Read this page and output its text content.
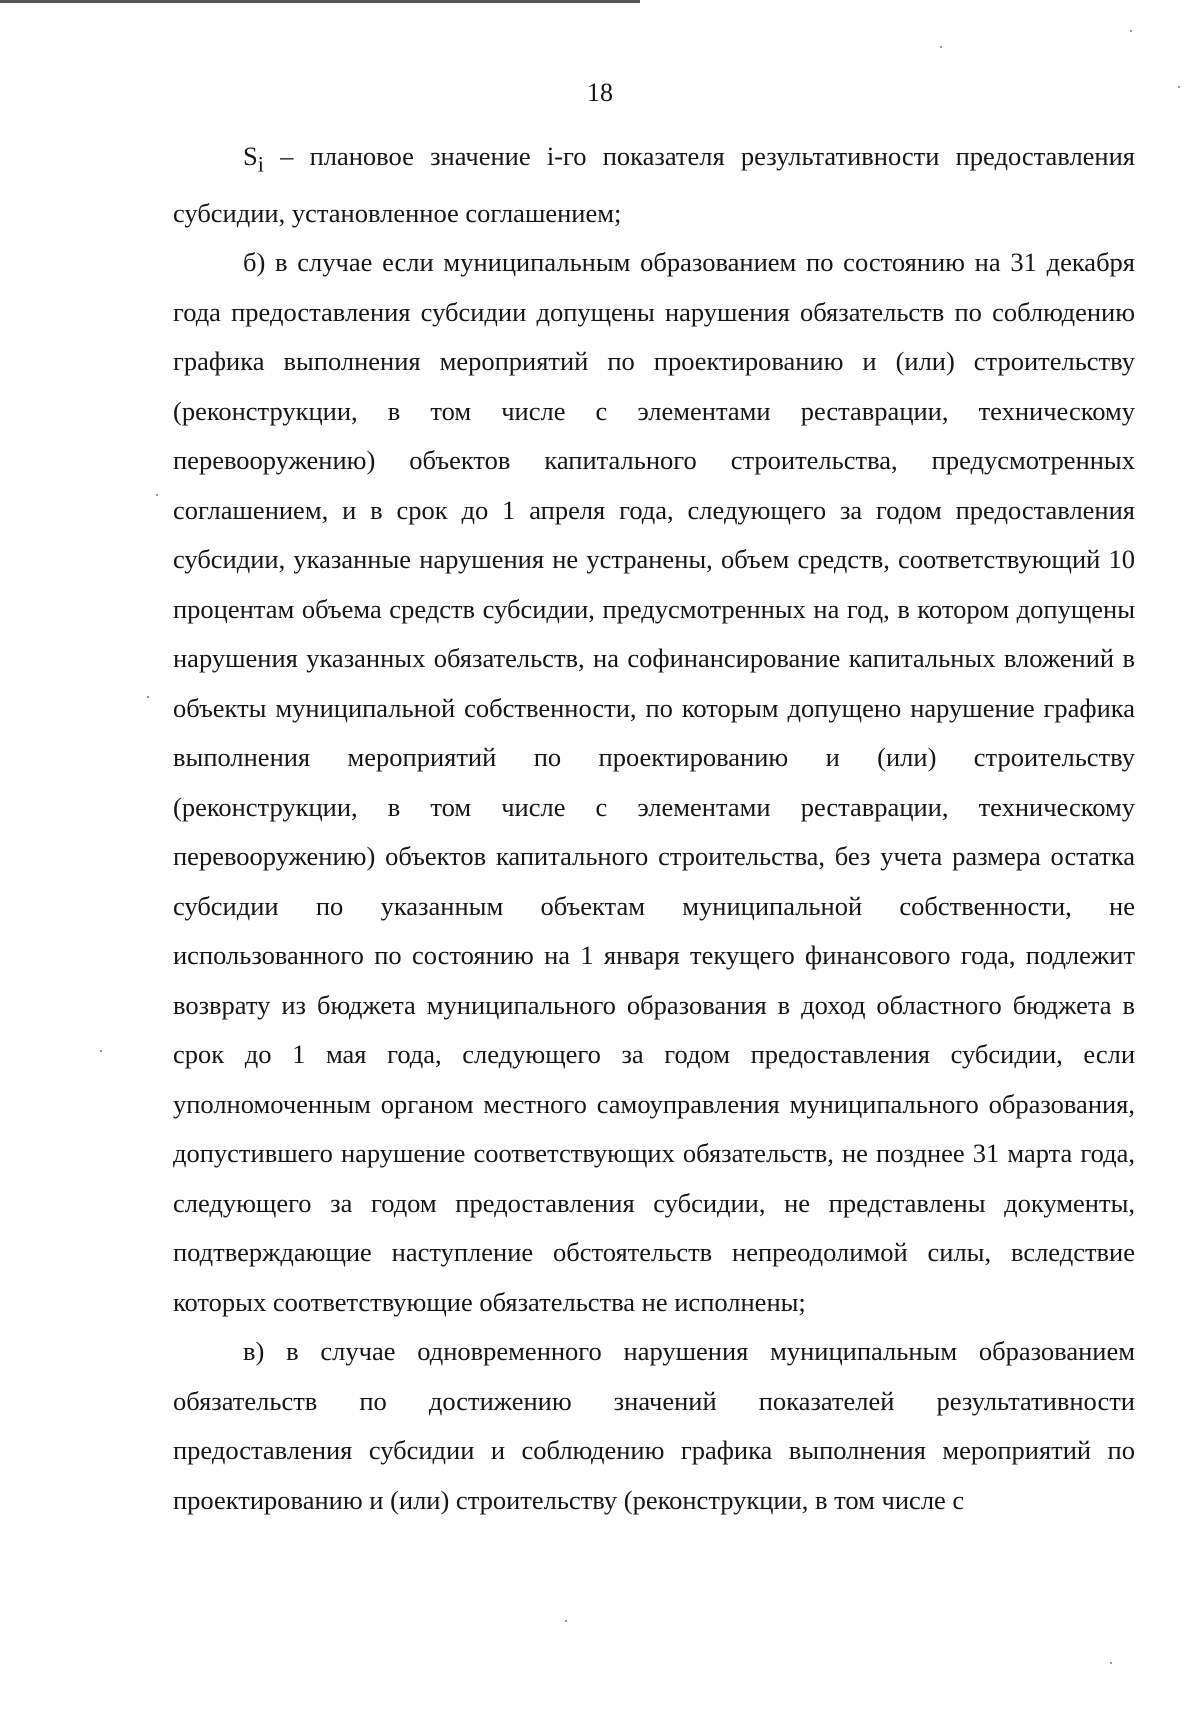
18

$S_i$ – плановое значение i-го показателя результативности предоставления субсидии, установленное соглашением;

б) в случае если муниципальным образованием по состоянию на 31 декабря года предоставления субсидии допущены нарушения обязательств по соблюдению графика выполнения мероприятий по проектированию и (или) строительству (реконструкции, в том числе с элементами реставрации, техническому перевооружению) объектов капитального строительства, предусмотренных соглашением, и в срок до 1 апреля года, следующего за годом предоставления субсидии, указанные нарушения не устранены, объем средств, соответствующий 10 процентам объема средств субсидии, предусмотренных на год, в котором допущены нарушения указанных обязательств, на софинансирование капитальных вложений в объекты муниципальной собственности, по которым допущено нарушение графика выполнения мероприятий по проектированию и (или) строительству (реконструкции, в том числе с элементами реставрации, техническому перевооружению) объектов капитального строительства, без учета размера остатка субсидии по указанным объектам муниципальной собственности, не использованного по состоянию на 1 января текущего финансового года, подлежит возврату из бюджета муниципального образования в доход областного бюджета в срок до 1 мая года, следующего за годом предоставления субсидии, если уполномоченным органом местного самоуправления муниципального образования, допустившего нарушение соответствующих обязательств, не позднее 31 марта года, следующего за годом предоставления субсидии, не представлены документы, подтверждающие наступление обстоятельств непреодолимой силы, вследствие которых соответствующие обязательства не исполнены;

в) в случае одновременного нарушения муниципальным образованием обязательств по достижению значений показателей результативности предоставления субсидии и соблюдению графика выполнения мероприятий по проектированию и (или) строительству (реконструкции, в том числе с
